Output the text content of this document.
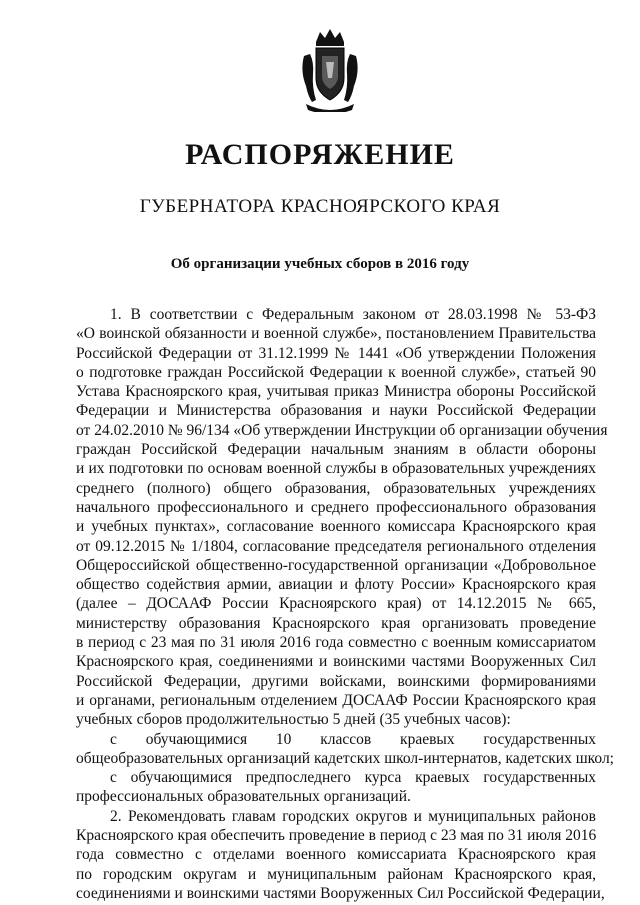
РАСПОРЯЖЕНИЕ
ГУБЕРНАТОРА КРАСНОЯРСКОГО КРАЯ
Об организации учебных сборов в 2016 году
1. В соответствии с Федеральным законом от 28.03.1998 № 53-ФЗ
«О воинской обязанности и военной службе», постановлением Правительства
Российской Федерации от 31.12.1999 № 1441 «Об утверждении Положения
о подготовке граждан Российской Федерации к военной службе», статьей 90
Устава Красноярского края, учитывая приказ Министра обороны Российской
Федерации и Министерства образования и науки Российской Федерации
от 24.02.2010 № 96/134 «Об утверждении Инструкции об организации обучения
граждан Российской Федерации начальным знаниям в области обороны
и их подготовки по основам военной службы в образовательных учреждениях
среднего (полного) общего образования, образовательных учреждениях
начального профессионального и среднего профессионального образования
и учебных пунктах», согласование военного комиссара Красноярского края
от 09.12.2015 № 1/1804, согласование председателя регионального отделения
Общероссийской общественно-государственной организации «Добровольное
общество содействия армии, авиации и флоту России» Красноярского края
(далее – ДОСААФ России Красноярского края) от 14.12.2015 № 665,
министерству образования Красноярского края организовать проведение
в период с 23 мая по 31 июля 2016 года совместно с военным комиссариатом
Красноярского края, соединениями и воинскими частями Вооруженных Сил
Российской Федерации, другими войсками, воинскими формированиями
и органами, региональным отделением ДОСААФ России Красноярского края
учебных сборов продолжительностью 5 дней (35 учебных часов):
с обучающимися 10 классов краевых государственных
общеобразовательных организаций кадетских школ-интернатов, кадетских школ;
с обучающимися предпоследнего курса краевых государственных
профессиональных образовательных организаций.
2. Рекомендовать главам городских округов и муниципальных районов
Красноярского края обеспечить проведение в период с 23 мая по 31 июля 2016
года совместно с отделами военного комиссариата Красноярского края
по городским округам и муниципальным районам Красноярского края,
соединениями и воинскими частями Вооруженных Сил Российской Федерации,
